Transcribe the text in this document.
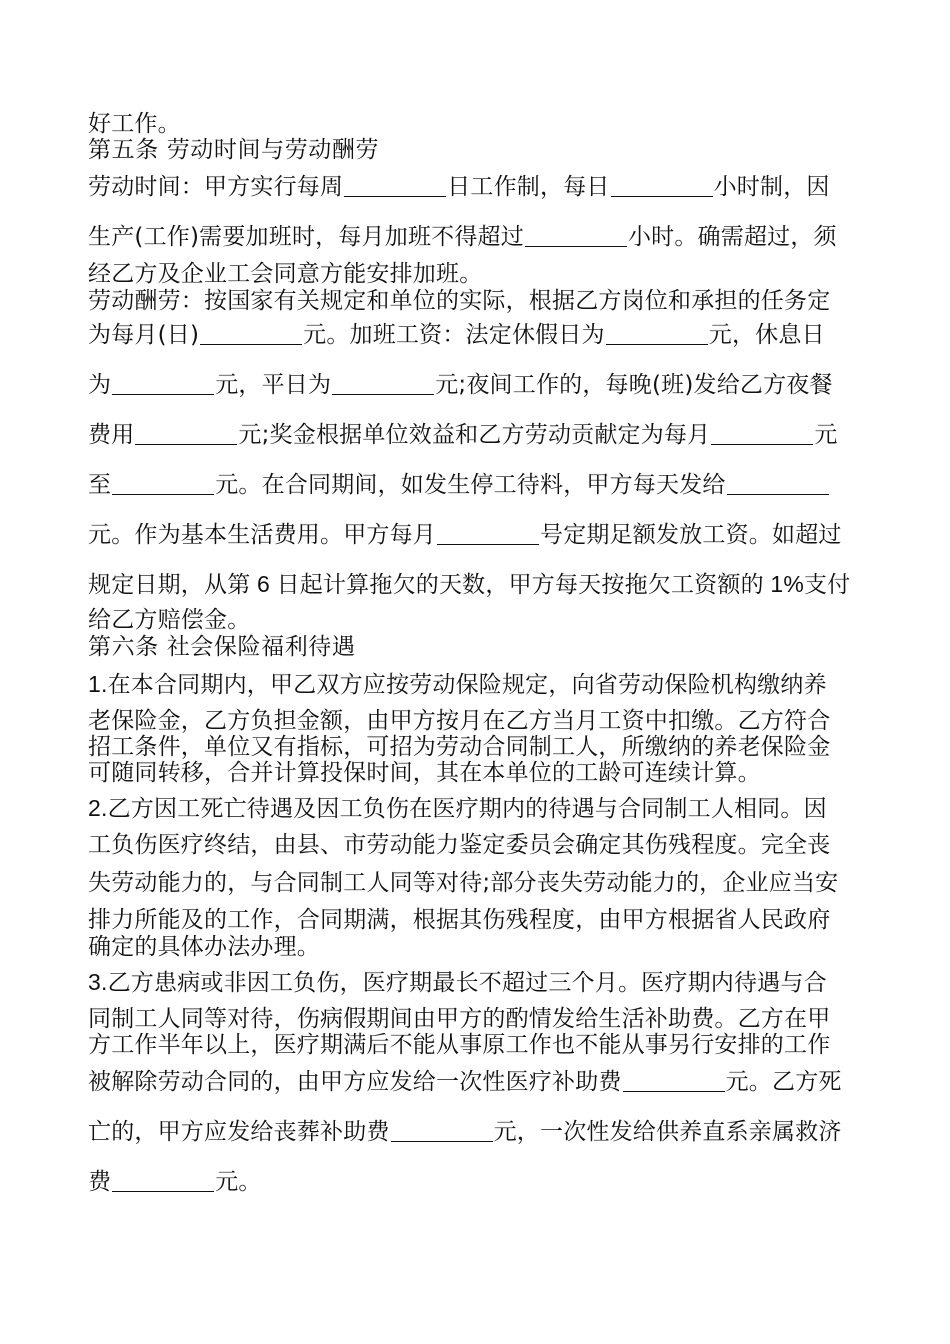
好工作。

第五条 劳动时间与劳动酬劳

劳动时间：甲方实行每周	日工作制，每日	小时制，因

生产(工作)需要加班时，每月加班不得超过	小时。确需超过，须

经乙方及企业工会同意方能安排加班。

劳动酬劳：按国家有关规定和单位的实际，根据乙方岗位和承担的任务定

为每月(日)	元。加班工资：法定休假日为	元，休息日

为	元，平日为	元;夜间工作的，每晚(班)发给乙方夜餐

费用	元;奖金根据单位效益和乙方劳动贡献定为每月	元

至	元。在合同期间，如发生停工待料，甲方每天发给

元。作为基本生活费用。甲方每月	号定期足额发放工资。如超过

规定日期，从第 6 日起计算拖欠的天数，甲方每天按拖欠工资额的 1%支付

给乙方赔偿金。

第六条 社会保险福利待遇

1.在本合同期内，甲乙双方应按劳动保险规定，向省劳动保险机构缴纳养

老保险金，乙方负担金额，由甲方按月在乙方当月工资中扣缴。乙方符合

招工条件，单位又有指标，可招为劳动合同制工人，所缴纳的养老保险金

可随同转移，合并计算投保时间，其在本单位的工龄可连续计算。

2.乙方因工死亡待遇及因工负伤在医疗期内的待遇与合同制工人相同。因

工负伤医疗终结，由县、市劳动能力鉴定委员会确定其伤残程度。完全丧

失劳动能力的，与合同制工人同等对待;部分丧失劳动能力的，企业应当安

排力所能及的工作，合同期满，根据其伤残程度，由甲方根据省人民政府

确定的具体办法办理。

3.乙方患病或非因工负伤，医疗期最长不超过三个月。医疗期内待遇与合

同制工人同等对待，伤病假期间由甲方的酌情发给生活补助费。乙方在甲

方工作半年以上，医疗期满后不能从事原工作也不能从事另行安排的工作

被解除劳动合同的，由甲方应发给一次性医疗补助费	元。乙方死

亡的，甲方应发给丧葬补助费	元，一次性发给供养直系亲属救济

费	元。
